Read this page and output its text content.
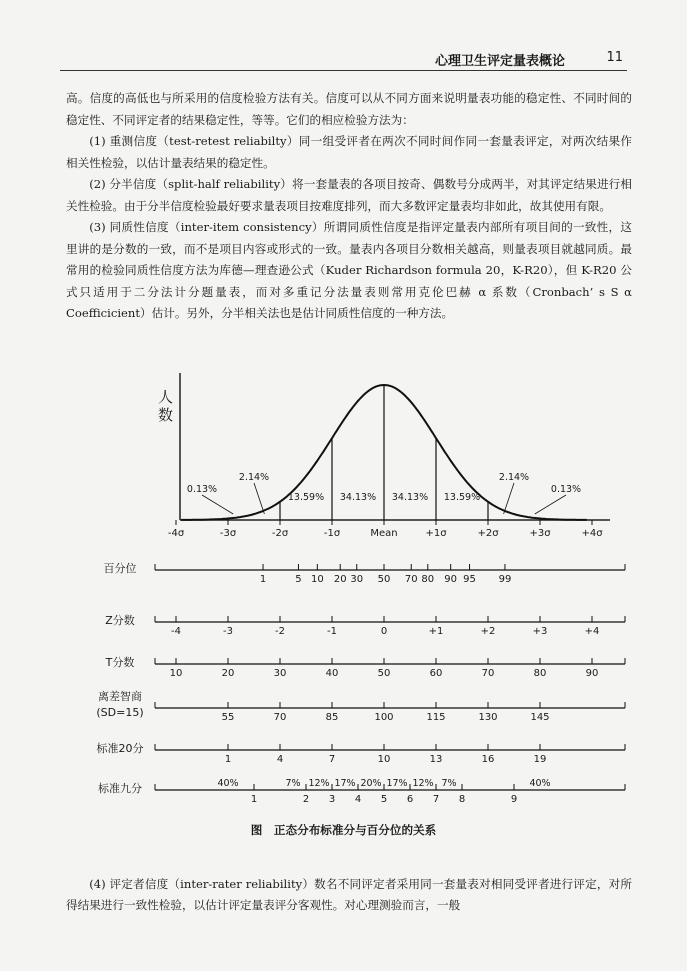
心理卫生评定量表概论	11

高。信度的高低也与所采用的信度检验方法有关。信度可以从不同方面来说明量表功能的稳定性、不同时间的稳定性、不同评定者的结果稳定性，等等。它们的相应检验方法为：

(1) 重测信度（test-retest reliabilty）同一组受评者在两次不同时间作同一套量表评定，对两次结果作相关性检验，以估计量表结果的稳定性。

(2) 分半信度（split-half reliability）将一套量表的各项目按奇、偶数号分成两半，对其评定结果进行相关性检验。由于分半信度检验最好要求量表项目按难度排列，而大多数评定量表均非如此，故其使用有限。

(3) 同质性信度（inter-item consistency）所谓同质性信度是指评定量表内部所有项目间的一致性，这里讲的是分数的一致，而不是项目内容或形式的一致。量表内各项目分数相关越高，则量表项目就越同质。最常用的检验同质性信度方法为库德—理查逊公式（Kuder Richardson formula 20，K-R20），但 K-R20 公式只适用于二分法计分题量表，而对多重记分法量表则常用克伦巴赫 α 系数（Cronbach’ s S α Coefficicient）估计。另外，分半相关法也是估计同质性信度的一种方法。

人
数
-4σ	-3σ	-2σ	-1σ	Mean	+1σ	+2σ	+3σ	+4σ
0.13%
2.14%
13.59% 34.13% 34.13% 13.59%
2.14%
0.13%
百分位
1	5 10 20 30 50 70 80 90 95 99
Z分数
-4	-3	-2	-1	0	+1	+2	+3	+4
T分数
10	20	30	40	50	60	70	80	90
离差智商
(SD=15)	55	70	85	100	115	130	145
标准20分
1	4	7	10	13	16	19
标准九分
1	2 3 4 5 6 7 8	9
40%	7% 12% 17% 20% 17% 12% 7%	40%
图　正态分布标准分与百分位的关系

(4) 评定者信度（inter-rater reliability）数名不同评定者采用同一套量表对相同受评者进行评定，对所得结果进行一致性检验，以估计评定量表评分客观性。对心理测验而言，一般
